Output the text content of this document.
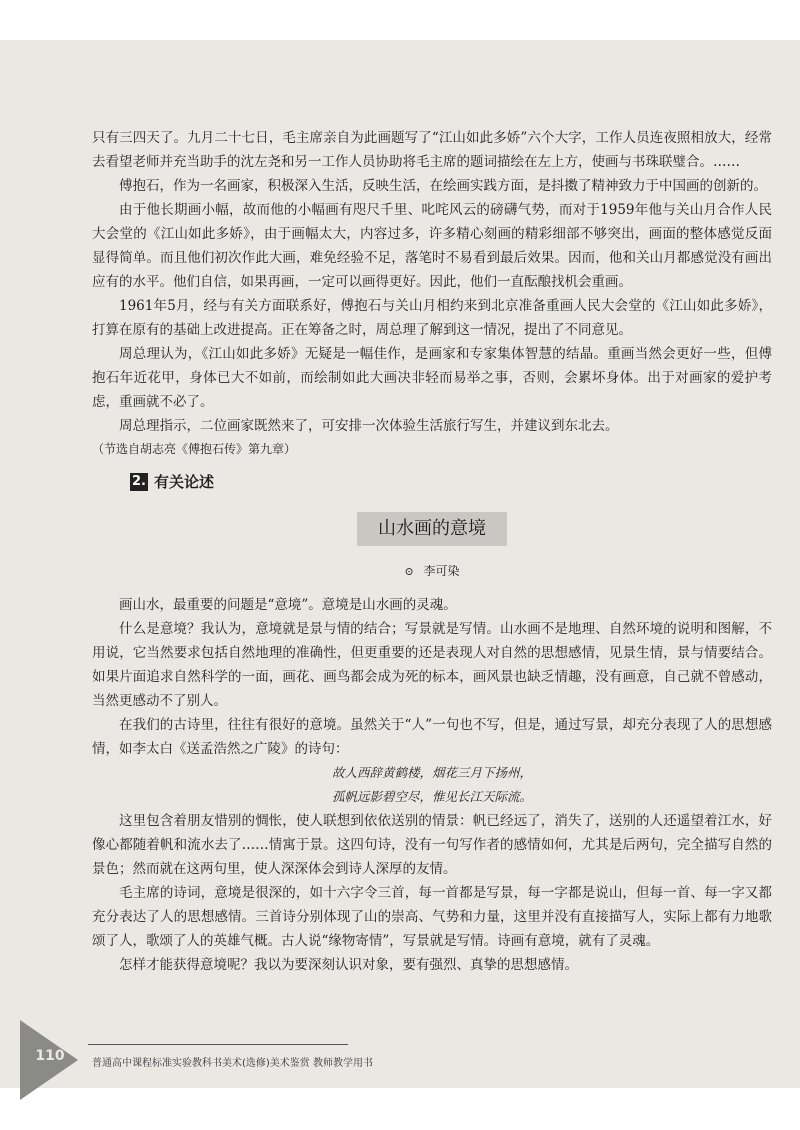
只有三四天了。九月二十七日，毛主席亲自为此画题写了“江山如此多娇”六个大字，工作人员连夜照相放大，经常去看望老师并充当助手的沈左尧和另一工作人员协助将毛主席的题词描绘在左上方，使画与书珠联璧合。……

傅抱石，作为一名画家，积极深入生活，反映生活，在绘画实践方面，是抖擞了精神致力于中国画的创新的。

由于他长期画小幅，故而他的小幅画有咫尺千里、叱咤风云的磅礴气势，而对于1959年他与关山月合作人民大会堂的《江山如此多娇》，由于画幅太大，内容过多，许多精心刻画的精彩细部不够突出，画面的整体感觉反面显得简单。而且他们初次作此大画，难免经验不足，落笔时不易看到最后效果。因而，他和关山月都感觉没有画出应有的水平。他们自信，如果再画，一定可以画得更好。因此，他们一直酝酿找机会重画。

1961年5月，经与有关方面联系好，傅抱石与关山月相约来到北京准备重画人民大会堂的《江山如此多娇》，打算在原有的基础上改进提高。正在筹备之时，周总理了解到这一情况，提出了不同意见。

周总理认为，《江山如此多娇》无疑是一幅佳作，是画家和专家集体智慧的结晶。重画当然会更好一些，但傅抱石年近花甲，身体已大不如前，而绘制如此大画决非轻而易举之事，否则，会累坏身体。出于对画家的爱护考虑，重画就不必了。

周总理指示，二位画家既然来了，可安排一次体验生活旅行写生，并建议到东北去。

（节选自胡志亮《傅抱石传》第九章）

2. 有关论述
山水画的意境
⊙ 李可染

画山水，最重要的问题是“意境”。意境是山水画的灵魂。

什么是意境？我认为，意境就是景与情的结合；写景就是写情。山水画不是地理、自然环境的说明和图解，不用说，它当然要求包括自然地理的准确性，但更重要的还是表现人对自然的思想感情，见景生情，景与情要结合。如果片面追求自然科学的一面，画花、画鸟都会成为死的标本，画风景也缺乏情趣，没有画意，自己就不曾感动，当然更感动不了别人。

在我们的古诗里，往往有很好的意境。虽然关于“人”一句也不写，但是，通过写景，却充分表现了人的思想感情，如李太白《送孟浩然之广陵》的诗句：

故人西辞黄鹤楼，烟花三月下扬州，
孤帆远影碧空尽，惟见长江天际流。

这里包含着朋友惜别的惆怅，使人联想到依依送别的情景：帆已经远了，消失了，送别的人还遥望着江水，好像心都随着帆和流水去了……情寓于景。这四句诗，没有一句写作者的感情如何，尤其是后两句，完全描写自然的景色；然而就在这两句里，使人深深体会到诗人深厚的友情。

毛主席的诗词，意境是很深的，如十六字令三首，每一首都是写景，每一字都是说山，但每一首、每一字又都充分表达了人的思想感情。三首诗分别体现了山的崇高、气势和力量，这里并没有直接描写人，实际上都有力地歌颂了人，歌颂了人的英雄气概。古人说“缘物寄情”，写景就是写情。诗画有意境，就有了灵魂。

怎样才能获得意境呢？我以为要深刻认识对象，要有强烈、真挚的思想感情。

110	普通高中课程标准实验教科书美术(选修)美术鉴赏 教师教学用书
